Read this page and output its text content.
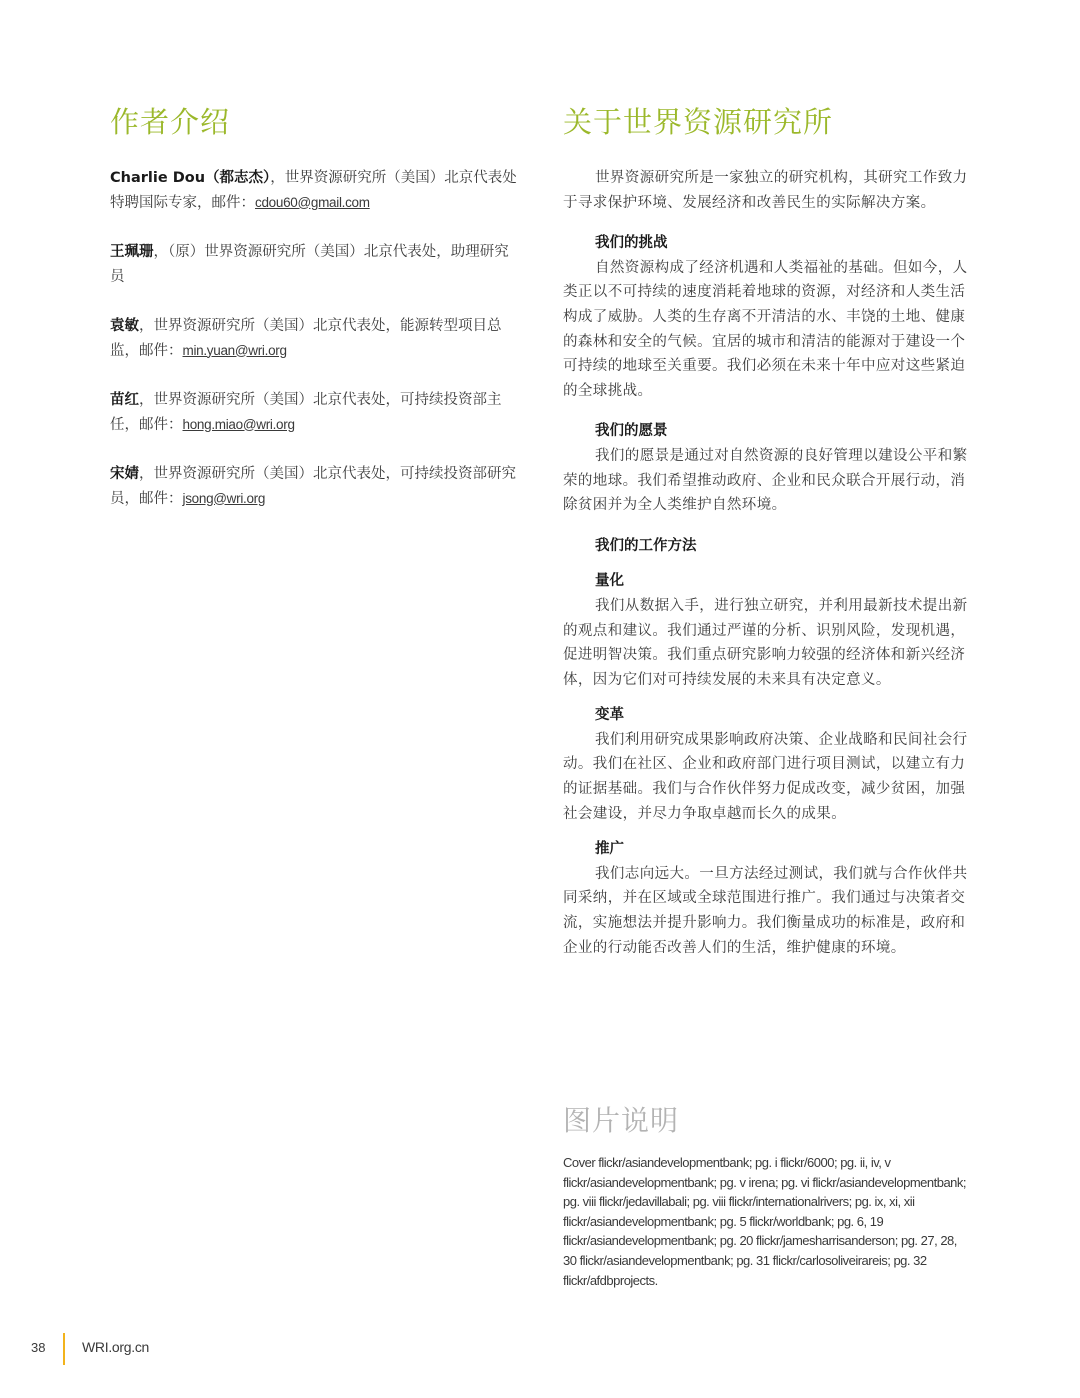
作者介绍

Charlie Dou（都志杰），世界资源研究所（美国）北京代表处特聘国际专家，邮件：cdou60@gmail.com

王珮珊，（原）世界资源研究所（美国）北京代表处，助理研究员

袁敏，世界资源研究所（美国）北京代表处，能源转型项目总监，邮件：min.yuan@wri.org

苗红，世界资源研究所（美国）北京代表处，可持续投资部主任，邮件：hong.miao@wri.org

宋婧，世界资源研究所（美国）北京代表处，可持续投资部研究员，邮件：jsong@wri.org

关于世界资源研究所

世界资源研究所是一家独立的研究机构，其研究工作致力于寻求保护环境、发展经济和改善民生的实际解决方案。

我们的挑战

自然资源构成了经济机遇和人类福祉的基础。但如今，人类正以不可持续的速度消耗着地球的资源，对经济和人类生活构成了威胁。人类的生存离不开清洁的水、丰饶的土地、健康的森林和安全的气候。宜居的城市和清洁的能源对于建设一个可持续的地球至关重要。我们必须在未来十年中应对这些紧迫的全球挑战。

我们的愿景

我们的愿景是通过对自然资源的良好管理以建设公平和繁荣的地球。我们希望推动政府、企业和民众联合开展行动，消除贫困并为全人类维护自然环境。

我们的工作方法
量化

我们从数据入手，进行独立研究，并利用最新技术提出新的观点和建议。我们通过严谨的分析、识别风险，发现机遇，促进明智决策。我们重点研究影响力较强的经济体和新兴经济体，因为它们对可持续发展的未来具有决定意义。

变革

我们利用研究成果影响政府决策、企业战略和民间社会行动。我们在社区、企业和政府部门进行项目测试，以建立有力的证据基础。我们与合作伙伴努力促成改变，减少贫困，加强社会建设，并尽力争取卓越而长久的成果。

推广

我们志向远大。一旦方法经过测试，我们就与合作伙伴共同采纳，并在区域或全球范围进行推广。我们通过与决策者交流，实施想法并提升影响力。我们衡量成功的标准是，政府和企业的行动能否改善人们的生活，维护健康的环境。

图片说明

Cover flickr/asiandevelopmentbank; pg. i flickr/6000; pg. ii, iv, v flickr/asiandevelopmentbank; pg. v irena; pg. vi flickr/asiandevelopmentbank; pg. viii flickr/jedavillabali; pg. viii flickr/internationalrivers; pg. ix, xi, xii flickr/asiandevelopmentbank; pg. 5 flickr/worldbank; pg. 6, 19 flickr/asiandevelopmentbank; pg. 20 flickr/jamesharrisanderson; pg. 27, 28, 30 flickr/asiandevelopmentbank; pg. 31 flickr/carlosoliveirareis; pg. 32 flickr/afdbprojects.

38	WRI.org.cn
